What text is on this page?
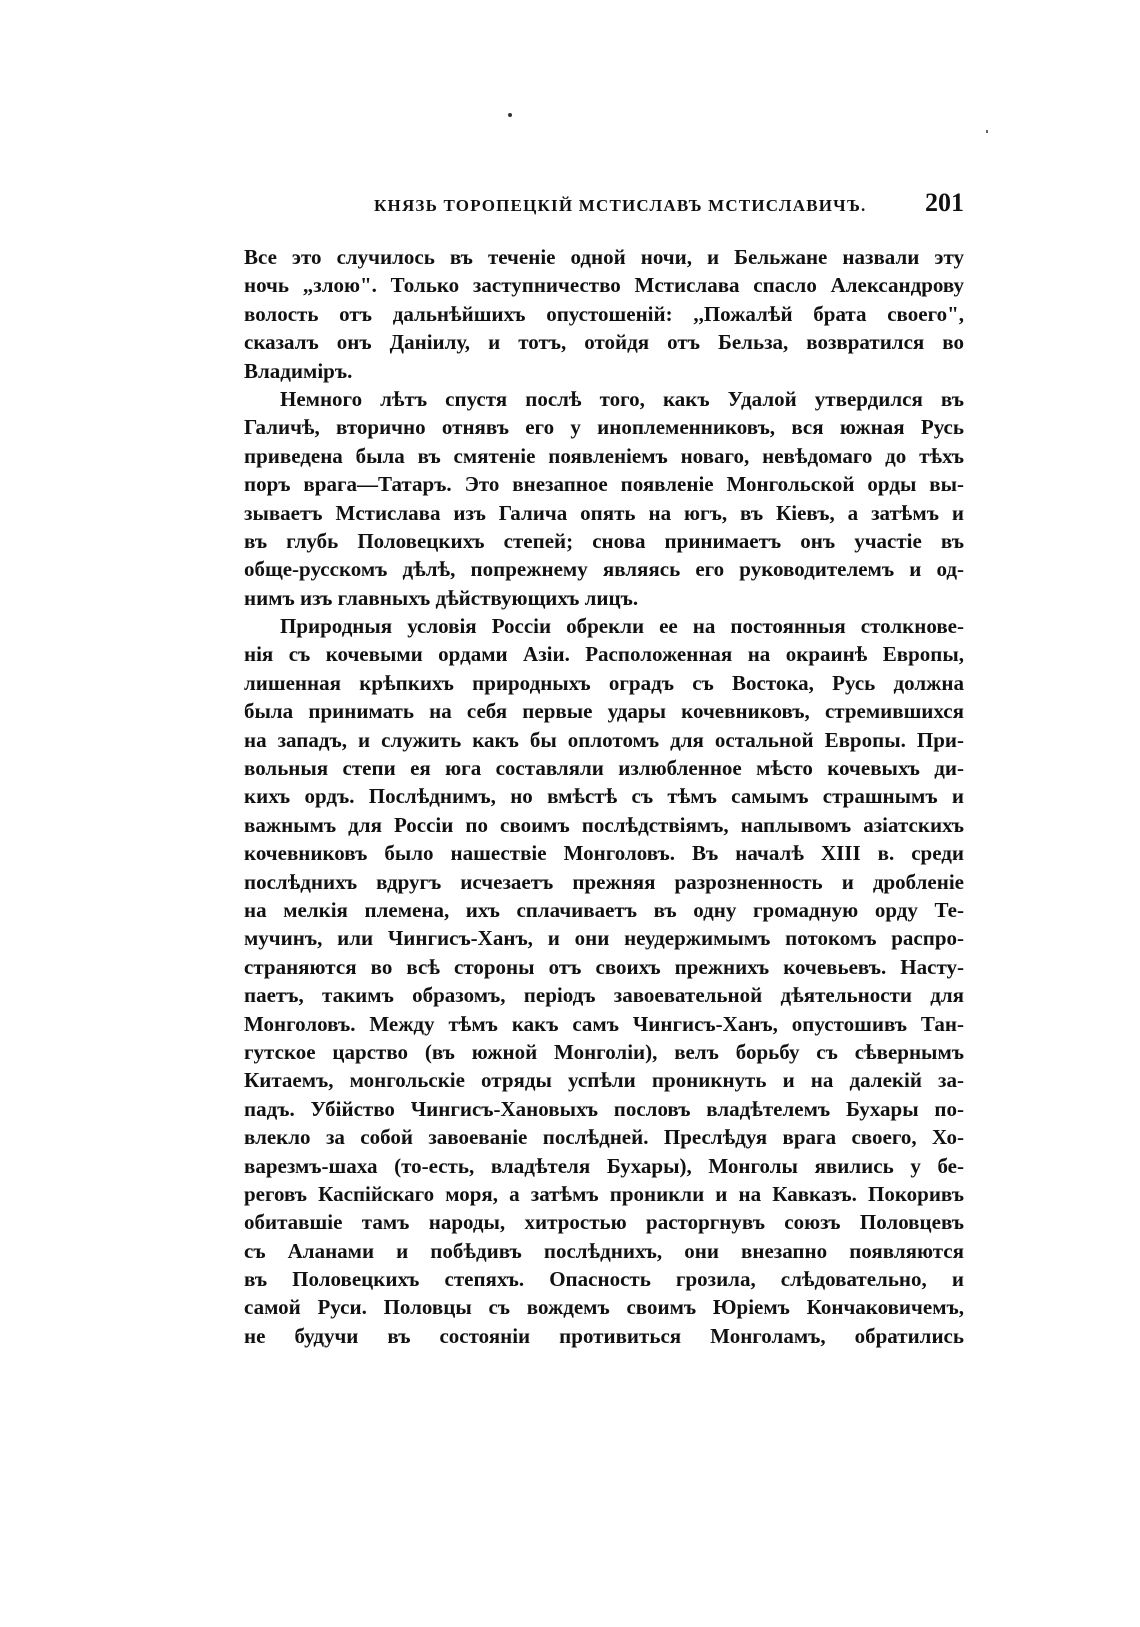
КНЯЗЬ ТОРОПЕЦКІЙ МСТИСЛАВЪ МСТИСЛАВИЧЪ. 201
Все это случилось въ теченіе одной ночи, и Бельжане назвали эту
ночь „злою". Только заступничество Мстислава спасло Александрову
волость отъ дальнѣйшихъ опустошеній: ,,Пожалѣй брата своего",
сказалъ онъ Даніилу, и тотъ, отойдя отъ Бельза, возвратился во
Владиміръ.
Немного лѣтъ спустя послѣ того, какъ Удалой утвердился въ
Галичѣ, вторично отнявъ его у иноплеменниковъ, вся южная Русь
приведена была въ смятеніе появленіемъ новаго, невѣдомаго до тѣхъ
поръ врага—Татаръ. Это внезапное появленіе Монгольской орды вы-
зываетъ Мстислава изъ Галича опять на югъ, въ Кіевъ, а затѣмъ и
въ глубь Половецкихъ степей; снова принимаетъ онъ участіе въ
обще-русскомъ дѣлѣ, попрежнему являясь его руководителемъ и од-
нимъ изъ главныхъ дѣйствующихъ лицъ.
Природныя условія Россіи обрекли ее на постоянныя столкнове-
нія съ кочевыми ордами Азіи. Расположенная на окраинѣ Европы,
лишенная крѣпкихъ природныхъ оградъ съ Востока, Русь должна
была принимать на себя первые удары кочевниковъ, стремившихся
на западъ, и служить какъ бы оплотомъ для остальной Европы. При-
вольныя степи ея юга составляли излюбленное мѣсто кочевыхъ ди-
кихъ ордъ. Послѣднимъ, но вмѣстѣ съ тѣмъ самымъ страшнымъ и
важнымъ для Россіи по своимъ послѣдствіямъ, наплывомъ азіатскихъ
кочевниковъ было нашествіе Монголовъ. Въ началѣ XIII в. среди
послѣднихъ вдругъ исчезаетъ прежняя разрозненность и дробленіе
на мелкія племена, ихъ сплачиваетъ въ одну громадную орду Те-
мучинъ, или Чингисъ-Ханъ, и они неудержимымъ потокомъ распро-
страняются во всѣ стороны отъ своихъ прежнихъ кочевьевъ. Насту-
паетъ, такимъ образомъ, періодъ завоевательной дѣятельности для
Монголовъ. Между тѣмъ какъ самъ Чингисъ-Ханъ, опустошивъ Тан-
гутское царство (въ южной Монголіи), велъ борьбу съ сѣвернымъ
Китаемъ, монгольскіе отряды успѣли проникнуть и на далекій за-
падъ. Убійство Чингисъ-Хановыхъ пословъ владѣтелемъ Бухары по-
влекло за собой завоеваніе послѣдней. Преслѣдуя врага своего, Хо-
варезмъ-шаха (то-есть, владѣтеля Бухары), Монголы явились у бе-
реговъ Каспійскаго моря, а затѣмъ проникли и на Кавказъ. Покоривъ
обитавшіе тамъ народы, хитростью расторгнувъ союзъ Половцевъ
съ Аланами и побѣдивъ послѣднихъ, они внезапно появляются
въ Половецкихъ степяхъ. Опасность грозила, слѣдовательно, и
самой Руси. Половцы съ вождемъ своимъ Юріемъ Кончаковичемъ,
не будучи въ состояніи противиться Монголамъ, обратились
